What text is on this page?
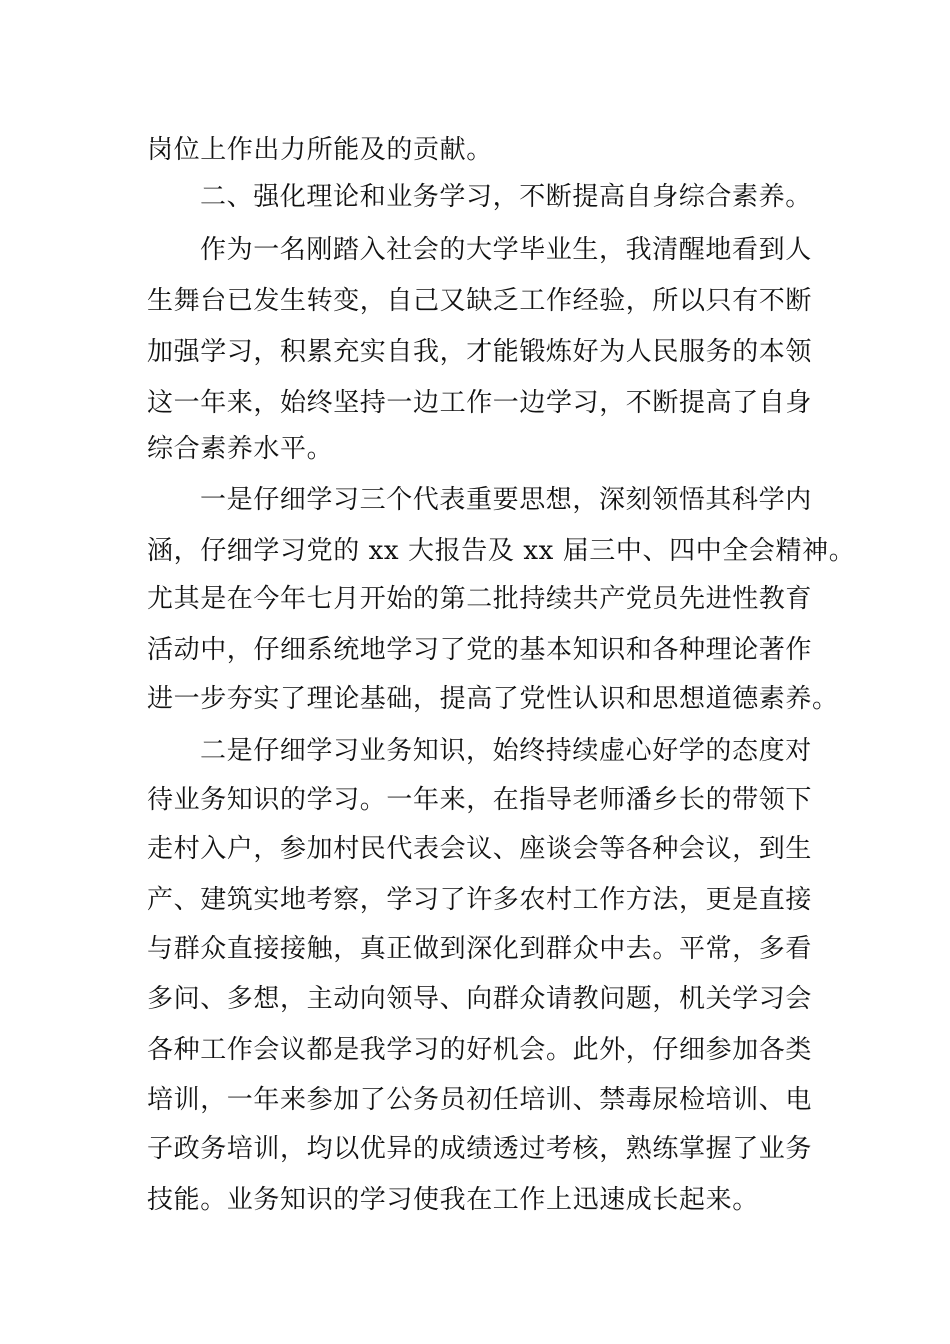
岗位上作出力所能及的贡献。
二、强化理论和业务学习，不断提高自身综合素养。
作为一名刚踏入社会的大学毕业生，我清醒地看到人
生舞台已发生转变，自己又缺乏工作经验，所以只有不断
加强学习，积累充实自我，才能锻炼好为人民服务的本领
这一年来，始终坚持一边工作一边学习，不断提高了自身
综合素养水平。
一是仔细学习三个代表重要思想，深刻领悟其科学内
涵，仔细学习党的 xx 大报告及 xx 届三中、四中全会精神。
尤其是在今年七月开始的第二批持续共产党员先进性教育
活动中，仔细系统地学习了党的基本知识和各种理论著作
进一步夯实了理论基础，提高了党性认识和思想道德素养。
二是仔细学习业务知识，始终持续虚心好学的态度对
待业务知识的学习。一年来，在指导老师潘乡长的带领下
走村入户，参加村民代表会议、座谈会等各种会议，到生
产、建筑实地考察，学习了许多农村工作方法，更是直接
与群众直接接触，真正做到深化到群众中去。平常，多看
多问、多想，主动向领导、向群众请教问题，机关学习会
各种工作会议都是我学习的好机会。此外，仔细参加各类
培训，一年来参加了公务员初任培训、禁毒尿检培训、电
子政务培训，均以优异的成绩透过考核，熟练掌握了业务
技能。业务知识的学习使我在工作上迅速成长起来。
